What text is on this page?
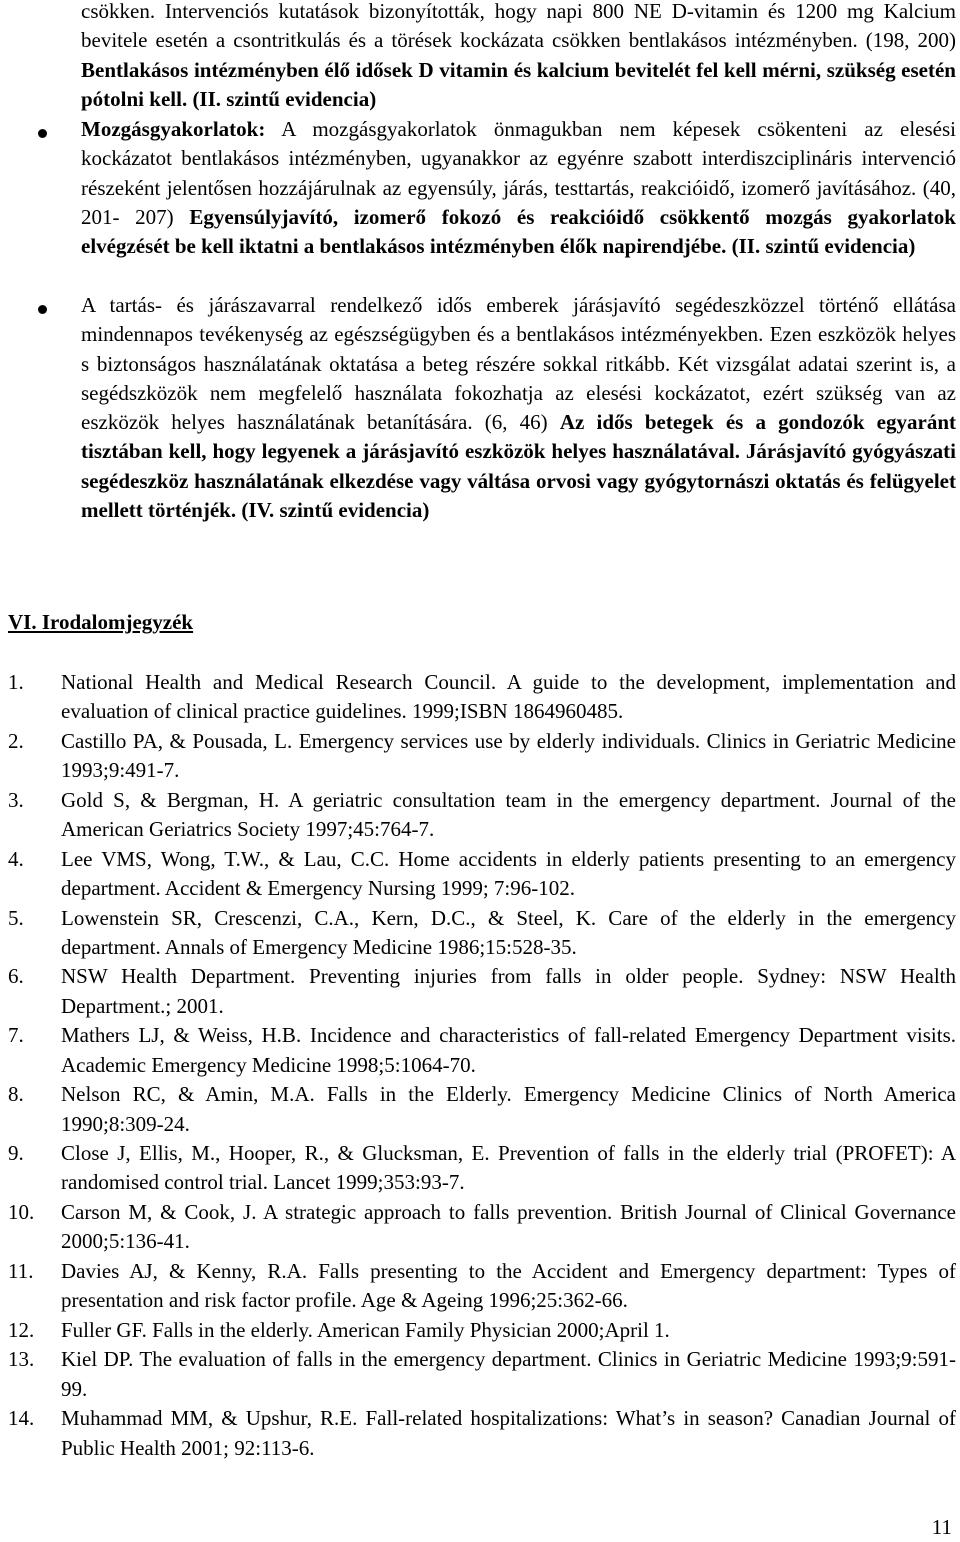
csökken. Intervenciós kutatások bizonyították, hogy napi 800 NE D-vitamin és 1200 mg Kalcium bevitele esetén a csontritkulás és a törések kockázata csökken bentlakásos intézményben. (198, 200) Bentlakásos intézményben élő idősek D vitamin és kalcium bevitelét fel kell mérni, szükség esetén pótolni kell. (II. szintű evidencia)

Mozgásgyakorlatok: A mozgásgyakorlatok önmagukban nem képesek csökenteni az elesési kockázatot bentlakásos intézményben, ugyanakkor az egyénre szabott interdiszciplináris intervenció részeként jelentősen hozzájárulnak az egyensúly, járás, testtartás, reakcióidő, izomerő javításához. (40, 201- 207) Egyensúlyjavító, izomerő fokozó és reakcióidő csökkentő mozgás gyakorlatok elvégzését be kell iktatni a bentlakásos intézményben élők napirendjébe. (II. szintű evidencia)

A tartás- és járászavarral rendelkező idős emberek járásjavító segédeszközzel történő ellátása mindennapos tevékenység az egészségügyben és a bentlakásos intézményekben. Ezen eszközök helyes s biztonságos használatának oktatása a beteg részére sokkal ritkább. Két vizsgálat adatai szerint is, a segédszközök nem megfelelő használata fokozhatja az elesési kockázatot, ezért szükség van az eszközök helyes használatának betanítására. (6, 46) Az idős betegek és a gondozók egyaránt tisztában kell, hogy legyenek a járásjavító eszközök helyes használatával. Járásjavító gyógyászati segédeszköz használatának elkezdése vagy váltása orvosi vagy gyógytornászi oktatás és felügyelet mellett történjék. (IV. szintű evidencia)

VI. Irodalomjegyzék
1.	National Health and Medical Research Council. A guide to the development, implementation and evaluation of clinical practice guidelines. 1999;ISBN 1864960485.
2.	Castillo PA, & Pousada, L. Emergency services use by elderly individuals. Clinics in Geriatric Medicine 1993;9:491-7.
3.	Gold S, & Bergman, H. A geriatric consultation team in the emergency department. Journal of the American Geriatrics Society 1997;45:764-7.
4.	Lee VMS, Wong, T.W., & Lau, C.C. Home accidents in elderly patients presenting to an emergency department. Accident & Emergency Nursing 1999; 7:96-102.
5.	Lowenstein SR, Crescenzi, C.A., Kern, D.C., & Steel, K. Care of the elderly in the emergency department. Annals of Emergency Medicine 1986;15:528-35.
6.	NSW Health Department. Preventing injuries from falls in older people. Sydney: NSW Health Department.; 2001.
7.	Mathers LJ, & Weiss, H.B. Incidence and characteristics of fall-related Emergency Department visits. Academic Emergency Medicine 1998;5:1064-70.
8.	Nelson RC, & Amin, M.A. Falls in the Elderly. Emergency Medicine Clinics of North America 1990;8:309-24.
9.	Close J, Ellis, M., Hooper, R., & Glucksman, E. Prevention of falls in the elderly trial (PROFET): A randomised control trial. Lancet 1999;353:93-7.
10.	Carson M, & Cook, J. A strategic approach to falls prevention. British Journal of Clinical Governance 2000;5:136-41.
11.	Davies AJ, & Kenny, R.A. Falls presenting to the Accident and Emergency department: Types of presentation and risk factor profile. Age & Ageing 1996;25:362-66.
12.	Fuller GF. Falls in the elderly. American Family Physician 2000;April 1.
13.	Kiel DP. The evaluation of falls in the emergency department. Clinics in Geriatric Medicine 1993;9:591-99.
14.	Muhammad MM, & Upshur, R.E. Fall-related hospitalizations: What’s in season? Canadian Journal of Public Health 2001; 92:113-6.
11
